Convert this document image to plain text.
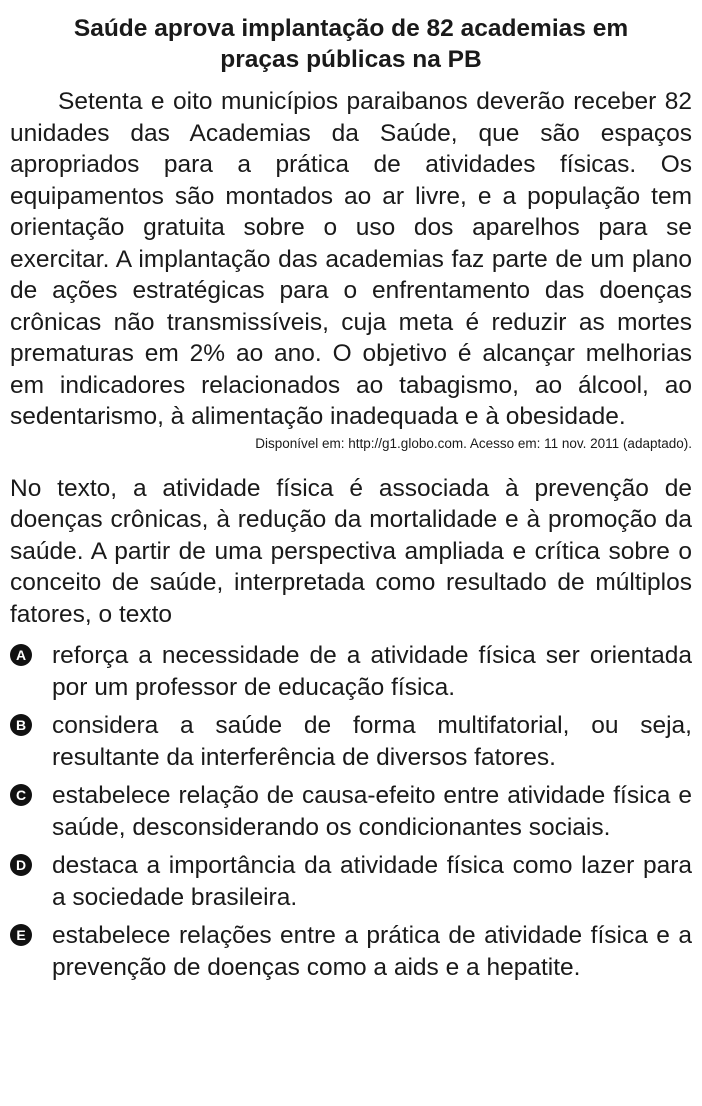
Saúde aprova implantação de 82 academias em
praças públicas na PB

Setenta e oito municípios paraibanos deverão receber 82 unidades das Academias da Saúde, que são espaços apropriados para a prática de atividades físicas. Os equipamentos são montados ao ar livre, e a população tem orientação gratuita sobre o uso dos aparelhos para se exercitar. A implantação das academias faz parte de um plano de ações estratégicas para o enfrentamento das doenças crônicas não transmissíveis, cuja meta é reduzir as mortes prematuras em 2% ao ano. O objetivo é alcançar melhorias em indicadores relacionados ao tabagismo, ao álcool, ao sedentarismo, à alimentação inadequada e à obesidade.

Disponível em: http://g1.globo.com. Acesso em: 11 nov. 2011 (adaptado).

No texto, a atividade física é associada à prevenção de doenças crônicas, à redução da mortalidade e à promoção da saúde. A partir de uma perspectiva ampliada e crítica sobre o conceito de saúde, interpretada como resultado de múltiplos fatores, o texto

A reforça a necessidade de a atividade física ser orientada por um professor de educação física.
B considera a saúde de forma multifatorial, ou seja, resultante da interferência de diversos fatores.
C estabelece relação de causa-efeito entre atividade física e saúde, desconsiderando os condicionantes sociais.
D destaca a importância da atividade física como lazer para a sociedade brasileira.
E estabelece relações entre a prática de atividade física e a prevenção de doenças como a aids e a hepatite.
